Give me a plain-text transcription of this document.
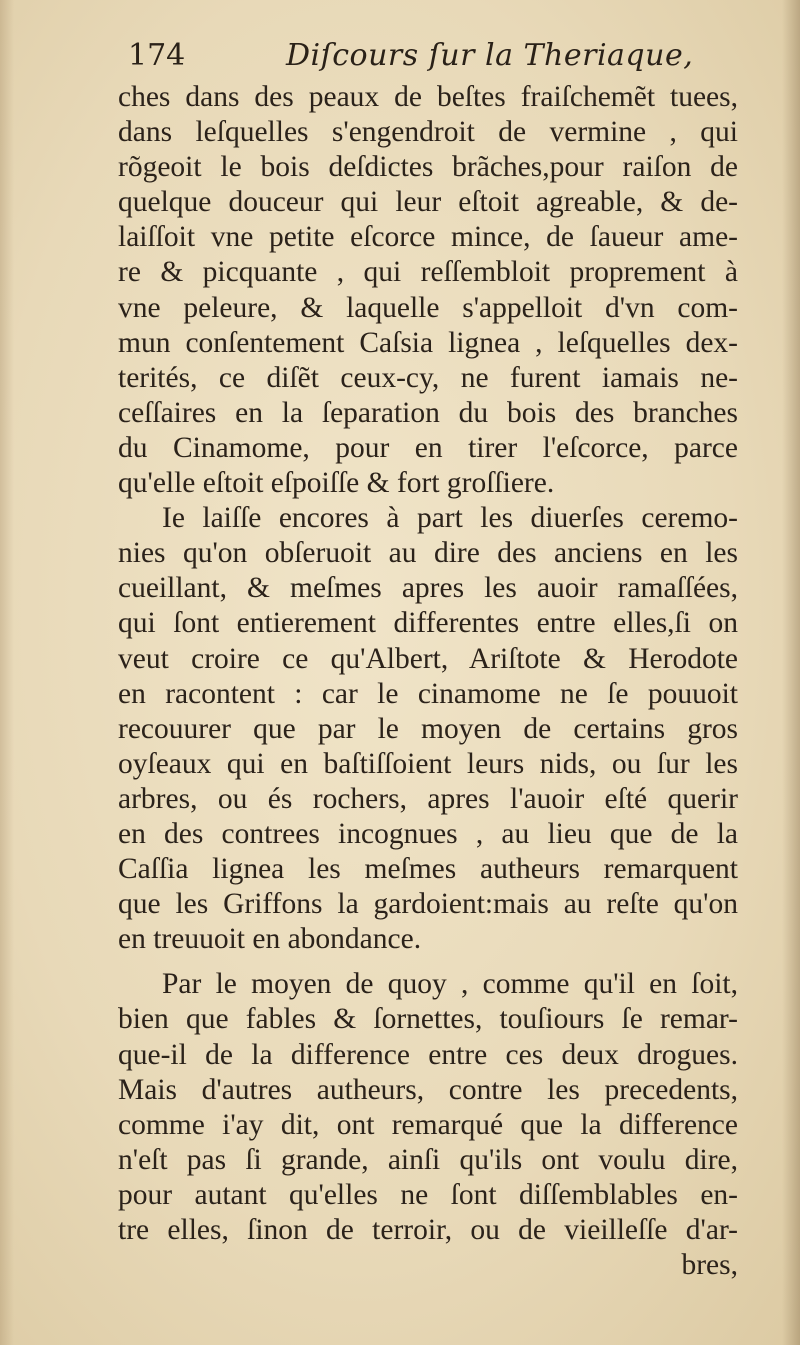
174	Diſcours ſur la Theriaque,
ches dans des peaux de beſtes fraiſchemẽt tuees,
dans leſquelles s'engendroit de vermine , qui
rõgeoit le bois deſdictes brãches,pour raiſon de
quelque douceur qui leur eſtoit agreable, & de-
laiſſoit vne petite eſcorce mince, de ſaueur ame-
re & picquante , qui reſſembloit proprement à
vne peleure, & laquelle s'appelloit d'vn com-
mun conſentement Caſsia lignea , leſquelles dex-
terités, ce diſẽt ceux-cy, ne furent iamais ne-
ceſſaires en la ſeparation du bois des branches
du Cinamome, pour en tirer l'eſcorce, parce
qu'elle eſtoit eſpoiſſe & fort groſſiere.
Ie laiſſe encores à part les diuerſes ceremo-
nies qu'on obſeruoit au dire des anciens en les
cueillant, & meſmes apres les auoir ramaſſées,
qui ſont entierement differentes entre elles,ſi on
veut croire ce qu'Albert, Ariſtote & Herodote
en racontent : car le cinamome ne ſe pouuoit
recouurer que par le moyen de certains gros
oyſeaux qui en baſtiſſoient leurs nids, ou ſur les
arbres, ou és rochers, apres l'auoir eſté querir
en des contrees incognues , au lieu que de la
Caſſia lignea les meſmes autheurs remarquent
que les Griffons la gardoient:mais au reſte qu'on
en treuuoit en abondance.
Par le moyen de quoy , comme qu'il en ſoit,
bien que fables & ſornettes, touſiours ſe remar-
que-il de la difference entre ces deux drogues.
Mais d'autres autheurs, contre les precedents,
comme i'ay dit, ont remarqué que la difference
n'eſt pas ſi grande, ainſi qu'ils ont voulu dire,
pour autant qu'elles ne ſont diſſemblables en-
tre elles, ſinon de terroir, ou de vieilleſſe d'ar-
bres,
